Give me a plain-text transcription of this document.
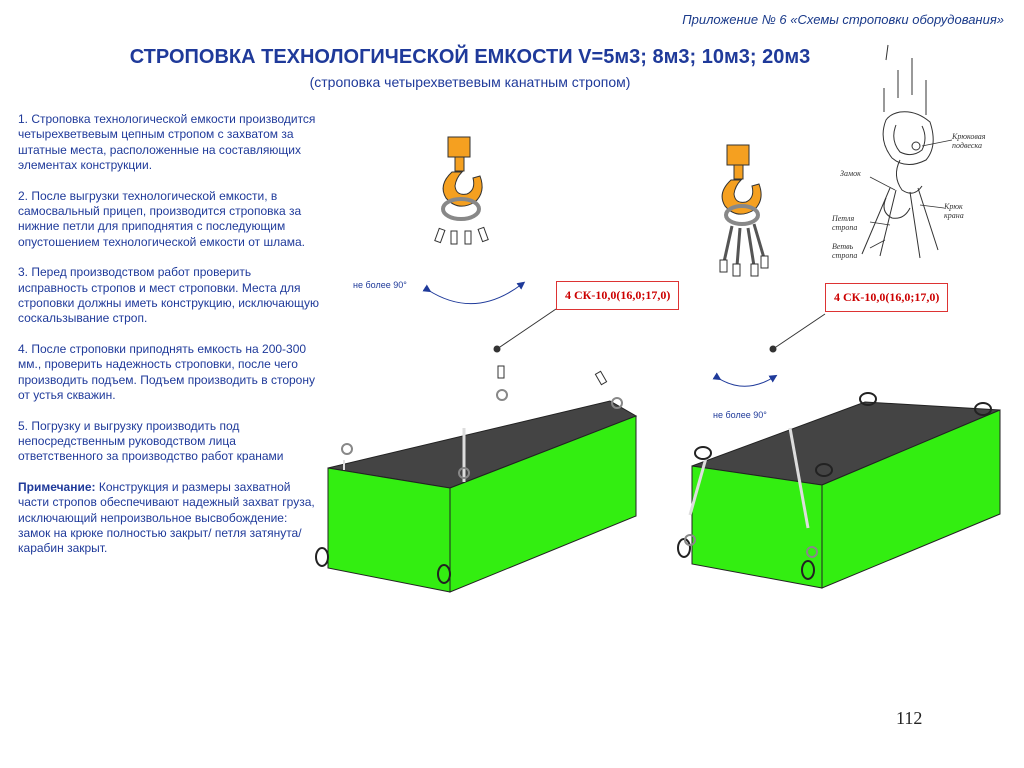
Приложение № 6 «Схемы строповки оборудования»
СТРОПОВКА ТЕХНОЛОГИЧЕСКОЙ ЕМКОСТИ V=5м3; 8м3; 10м3; 20м3
(строповка четырехветвевым канатным стропом)

1. Строповка технологической емкости производится четырехветвевым цепным стропом с захватом за штатные места, расположенные на составляющих элементах конструкции.

2. После выгрузки технологической емкости, в самосвальный прицеп, производится строповка за нижние петли для приподнятия с последующим опустошением технологической емкости от шлама.

3. Перед производством работ проверить исправность стропов и мест строповки. Места для строповки должны иметь конструкцию, исключающую соскальзывание строп.

4. После строповки приподнять емкость на 200-300 мм., проверить надежность строповки, после чего производить подъем. Подъем производить в сторону от устья скважин.

5. Погрузку и выгрузку производить под непосредственным руководством лица ответственного за производство работ кранами

Примечание: Конструкция и размеры захватной части стропов обеспечивают надежный захват груза, исключающий непроизвольное высвобождение: замок на крюке полностью закрыт/ петля затянута/ карабин закрыт.

4 СК-10,0(16,0;17,0)	4 СК-10,0(16,0;17,0)
не более 90°
не более 90°
Крюковая подвеска
Замок
Крюк крана
Петля стропа
Ветвь стропа
112
